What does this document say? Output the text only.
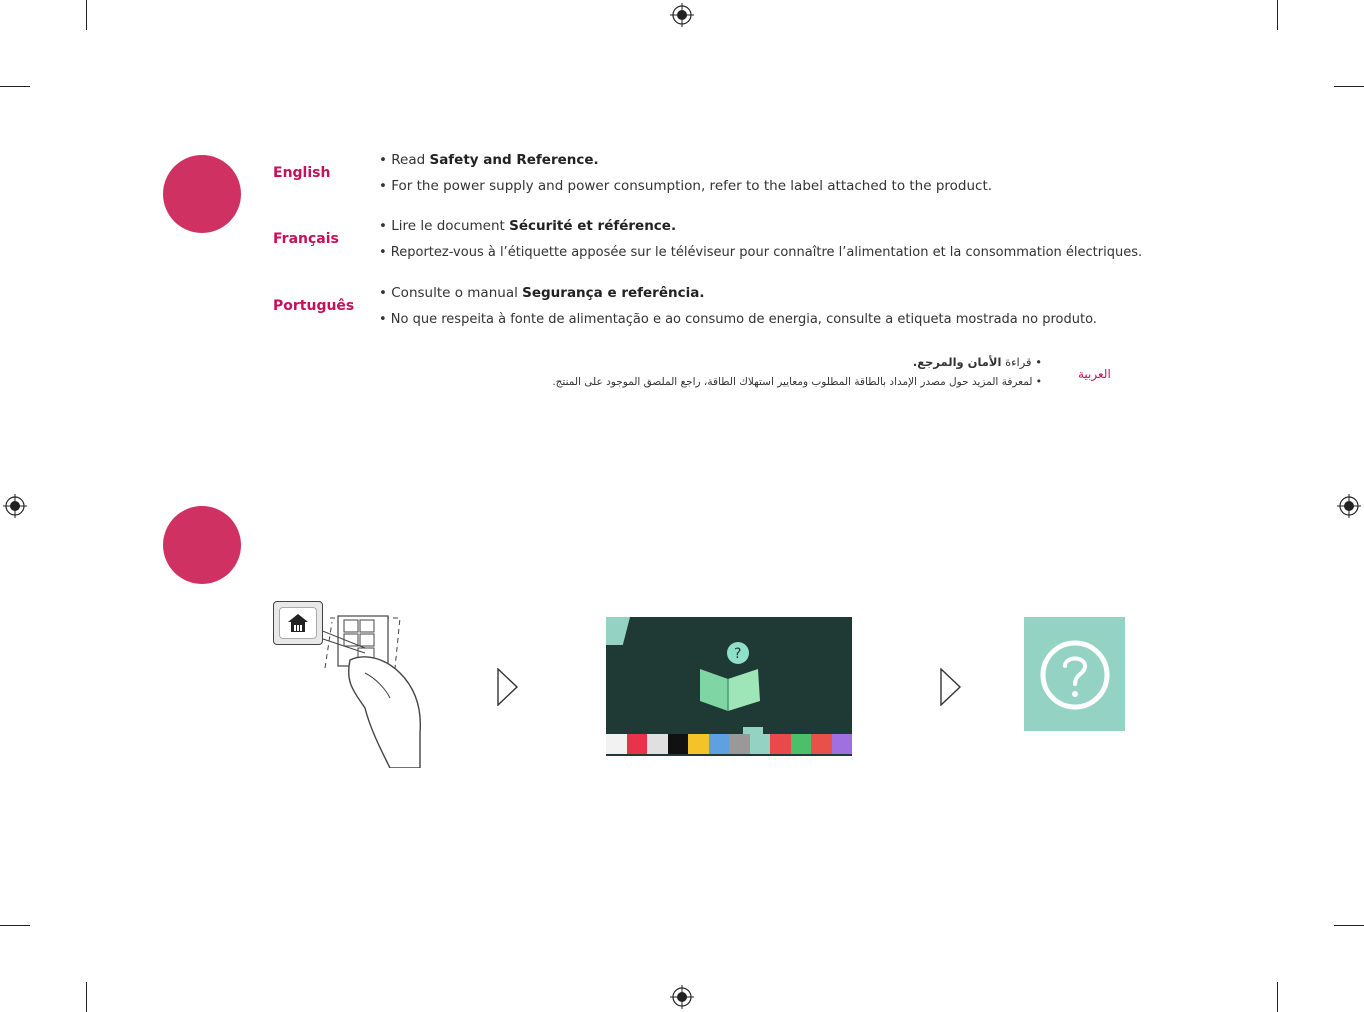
English
• Read Safety and Reference.
• For the power supply and power consumption, refer to the label attached to the product.
Français
• Lire le document Sécurité et référence.
• Reportez-vous à l’étiquette apposée sur le téléviseur pour connaître l’alimentation et la consommation électriques.
Português
• Consulte o manual Segurança e referência.
• No que respeita à fonte de alimentação e ao consumo de energia, consulte a etiqueta mostrada no produto.
العربية
• قراءة الأمان والمرجع.
• لمعرفة المزيد حول مصدر الإمداد بالطاقة المطلوب ومعايير استهلاك الطاقة، راجع الملصق الموجود على المنتج.
?
